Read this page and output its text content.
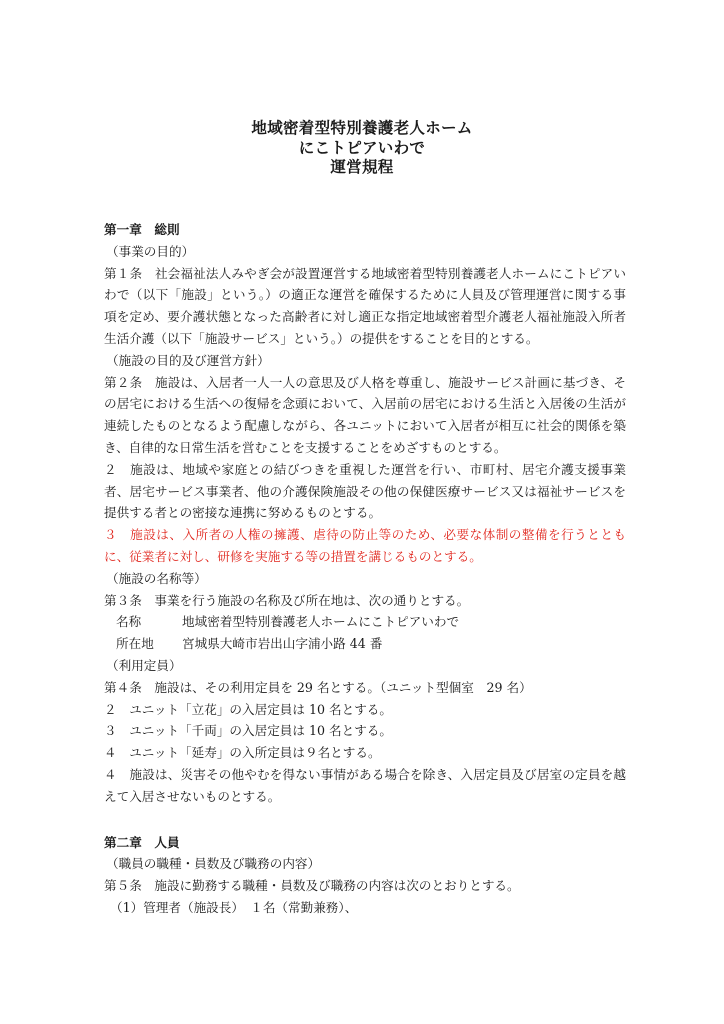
地域密着型特別養護老人ホーム
にこトピアいわで
運営規程

第一章　総則

（事業の目的）

第１条　社会福祉法人みやぎ会が設置運営する地域密着型特別養護老人ホームにこトピアいわで（以下「施設」という。）の適正な運営を確保するために人員及び管理運営に関する事項を定め、要介護状態となった高齢者に対し適正な指定地域密着型介護老人福祉施設入所者生活介護（以下「施設サービス」という。）の提供をすることを目的とする。

（施設の目的及び運営方針）

第２条　施設は、入居者一人一人の意思及び人格を尊重し、施設サービス計画に基づき、その居宅における生活への復帰を念頭において、入居前の居宅における生活と入居後の生活が連続したものとなるよう配慮しながら、各ユニットにおいて入居者が相互に社会的関係を築き、自律的な日常生活を営むことを支援することをめざすものとする。

２　施設は、地域や家庭との結びつきを重視した運営を行い、市町村、居宅介護支援事業者、居宅サービス事業者、他の介護保険施設その他の保健医療サービス又は福祉サービスを提供する者との密接な連携に努めるものとする。

３　施設は、入所者の人権の擁護、虐待の防止等のため、必要な体制の整備を行うとともに、従業者に対し、研修を実施する等の措置を講じるものとする。

（施設の名称等）

第３条　事業を行う施設の名称及び所在地は、次の通りとする。

名称	地域密着型特別養護老人ホームにこトピアいわで

所在地 宮城県大崎市岩出山字浦小路 44 番

（利用定員）

第４条　施設は、その利用定員を 29 名とする。（ユニット型個室　29 名）

２　ユニット「立花」の入居定員は 10 名とする。

３　ユニット「千両」の入居定員は 10 名とする。

４　ユニット「延寿」の入所定員は９名とする。

４　施設は、災害その他やむを得ない事情がある場合を除き、入居定員及び居室の定員を越えて入居させないものとする。

第二章　人員

（職員の職種・員数及び職務の内容）

第５条　施設に勤務する職種・員数及び職務の内容は次のとおりとする。

（1）管理者（施設長）　１名（常勤兼務）、
